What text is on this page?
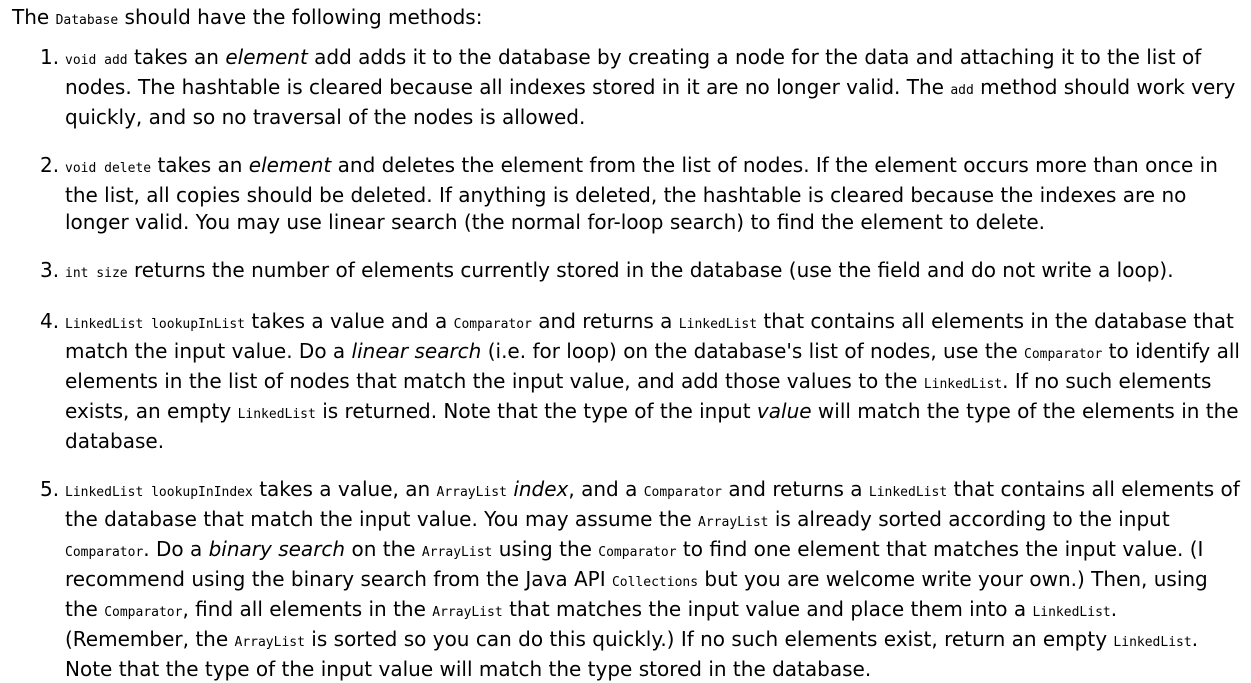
The Database should have the following methods:

1. void add takes an element add adds it to the database by creating a node for the data and attaching it to the list of nodes. The hashtable is cleared because all indexes stored in it are no longer valid. The add method should work very quickly, and so no traversal of the nodes is allowed.
2. void delete takes an element and deletes the element from the list of nodes. If the element occurs more than once in the list, all copies should be deleted. If anything is deleted, the hashtable is cleared because the indexes are no longer valid. You may use linear search (the normal for-loop search) to find the element to delete.
3. int size returns the number of elements currently stored in the database (use the field and do not write a loop).
4. LinkedList lookupInList takes a value and a Comparator and returns a LinkedList that contains all elements in the database that match the input value. Do a linear search (i.e. for loop) on the database's list of nodes, use the Comparator to identify all elements in the list of nodes that match the input value, and add those values to the LinkedList. If no such elements exists, an empty LinkedList is returned. Note that the type of the input value will match the type of the elements in the database.
5. LinkedList lookupInIndex takes a value, an ArrayList index, and a Comparator and returns a LinkedList that contains all elements of the database that match the input value. You may assume the ArrayList is already sorted according to the input Comparator. Do a binary search on the ArrayList using the Comparator to find one element that matches the input value. (I recommend using the binary search from the Java API Collections but you are welcome write your own.) Then, using the Comparator, find all elements in the ArrayList that matches the input value and place them into a LinkedList. (Remember, the ArrayList is sorted so you can do this quickly.) If no such elements exist, return an empty LinkedList. Note that the type of the input value will match the type stored in the database.
